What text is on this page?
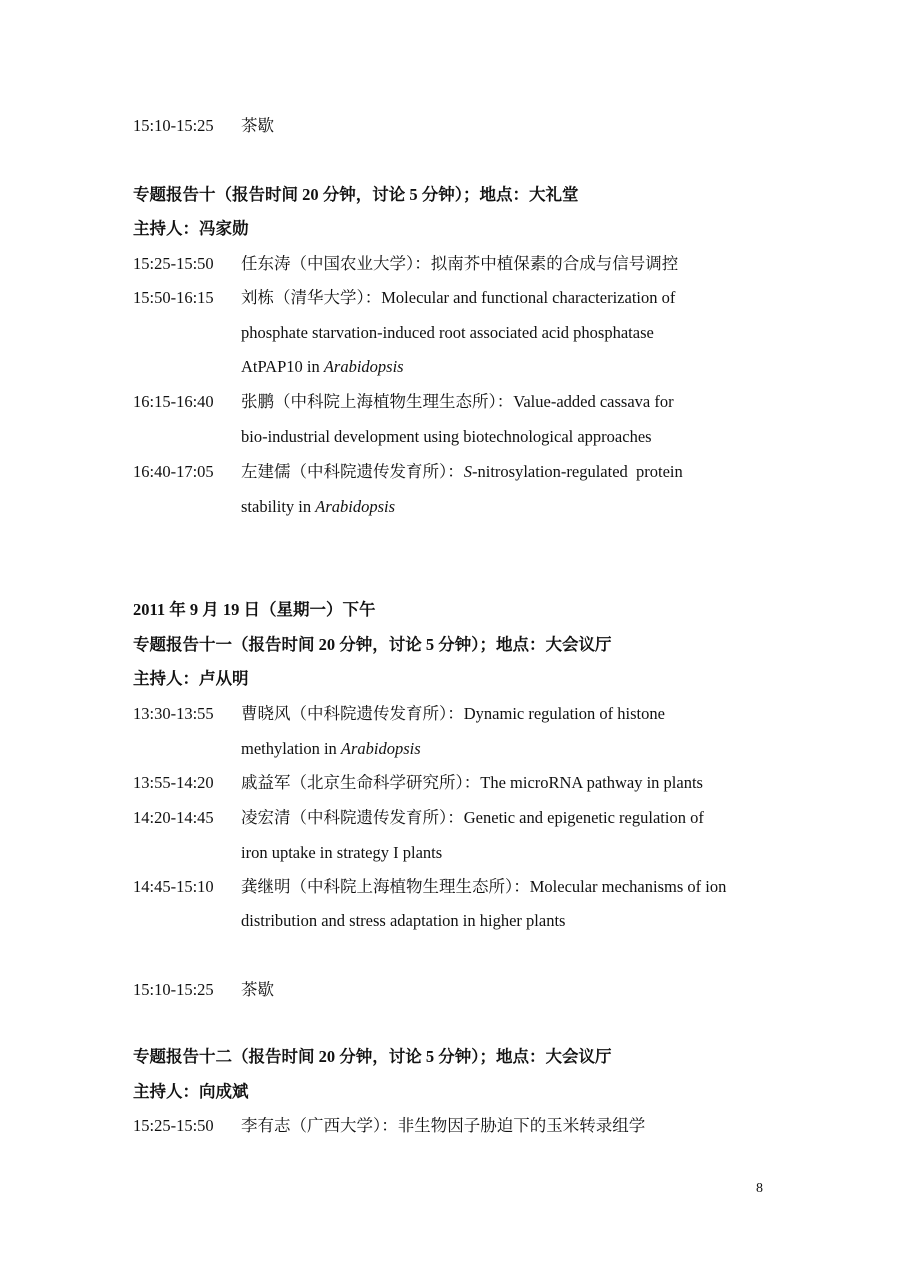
15:10-15:25 茶歇
专题报告十（报告时间 20 分钟，讨论 5 分钟）；地点：大礼堂
主持人：冯家勋
15:25-15:50 任东涛（中国农业大学）：拟南芥中植保素的合成与信号调控
15:50-16:15 刘栋（清华大学）：Molecular and functional characterization of
phosphate starvation-induced root associated acid phosphatase
AtPAP10 in Arabidopsis
16:15-16:40 张鹏（中科院上海植物生理生态所）：Value-added cassava for
bio-industrial development using biotechnological approaches
16:40-17:05 左建儒（中科院遗传发育所）：S-nitrosylation-regulated  protein
stability in Arabidopsis
2011 年 9 月 19 日（星期一）下午
专题报告十一（报告时间 20 分钟，讨论 5 分钟）；地点：大会议厅
主持人：卢从明
13:30-13:55 曹晓风（中科院遗传发育所）：Dynamic regulation of histone
methylation in Arabidopsis
13:55-14:20 戚益军（北京生命科学研究所）：The microRNA pathway in plants
14:20-14:45 凌宏清（中科院遗传发育所）：Genetic and epigenetic regulation of
iron uptake in strategy I plants
14:45-15:10 龚继明（中科院上海植物生理生态所）：Molecular mechanisms of ion
distribution and stress adaptation in higher plants
15:10-15:25 茶歇
专题报告十二（报告时间 20 分钟，讨论 5 分钟）；地点：大会议厅
主持人：向成斌
15:25-15:50 李有志（广西大学）：非生物因子胁迫下的玉米转录组学
8
